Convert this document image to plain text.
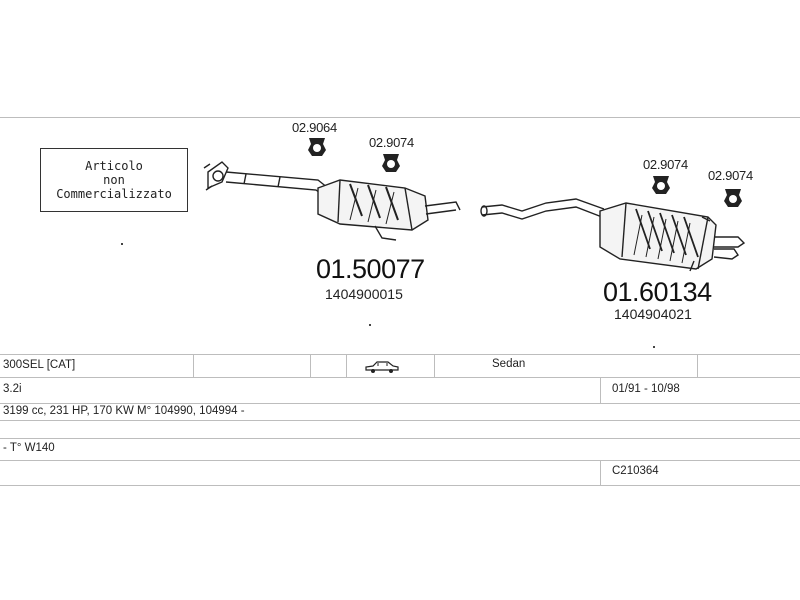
Articolo
non
Commercializzato
02.9064
02.9074
01.50077
1404900015
02.9074
02.9074
01.60134
1404904021
300SEL [CAT]	Sedan
3.2i	01/91 - 10/98
3199 cc, 231 HP, 170 KW M° 104990, 104994 -
- T° W140
C210364
